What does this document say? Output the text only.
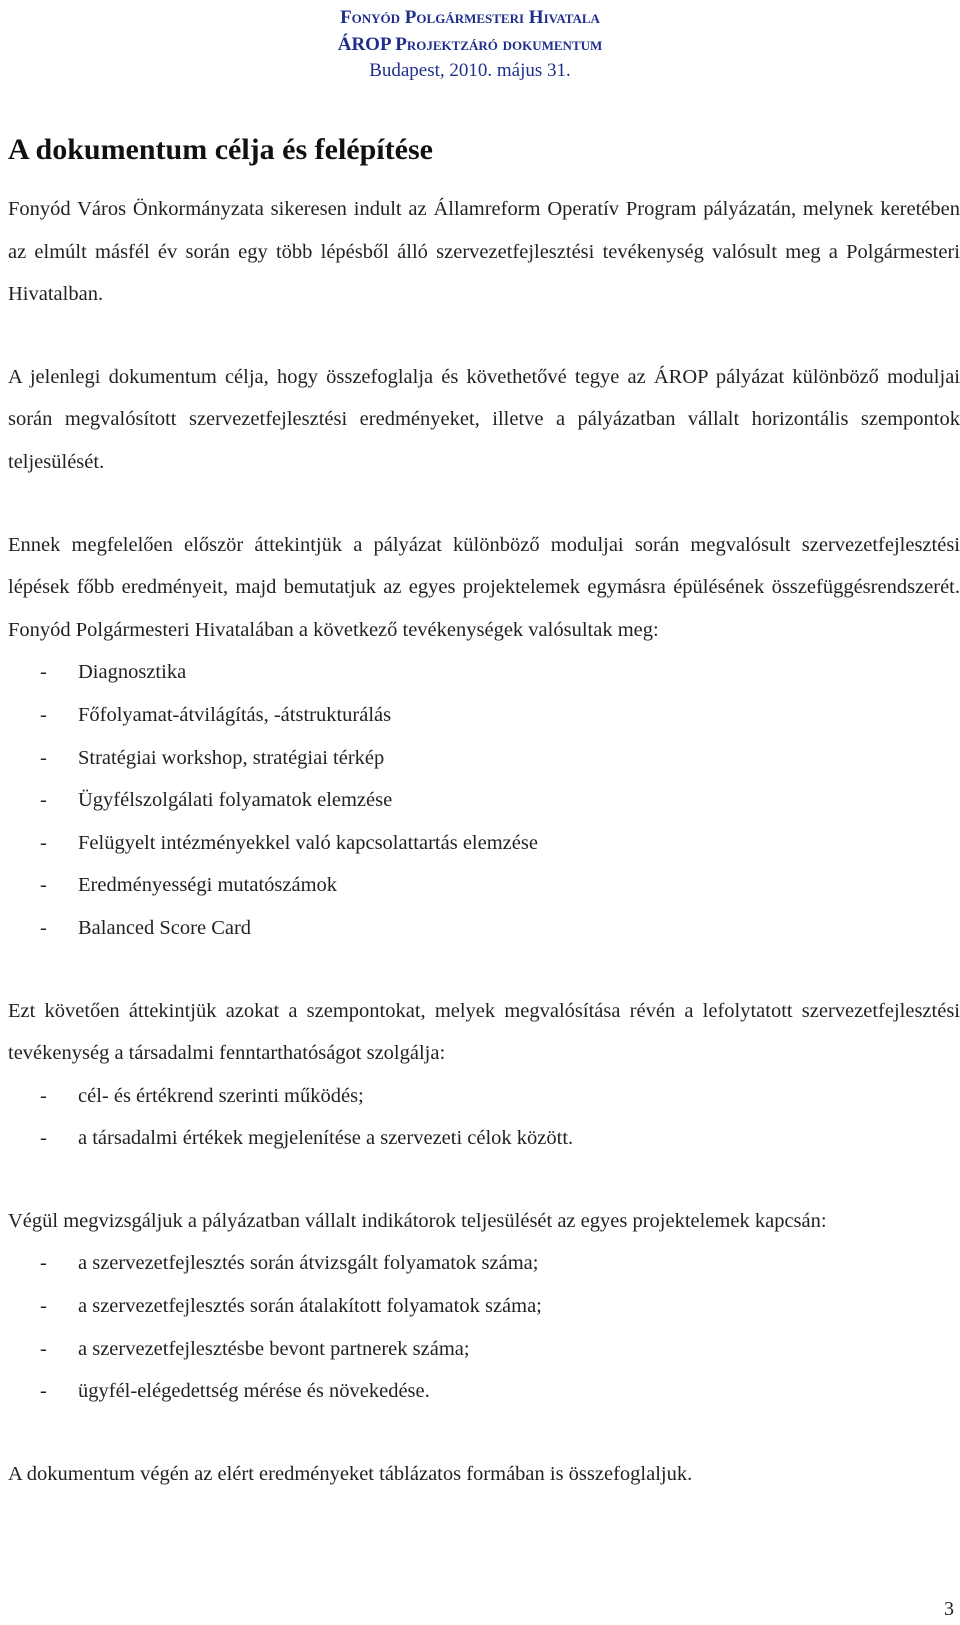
Fonyód Polgármesteri Hivatala
ÁROP Projektzáró dokumentum
Budapest, 2010. május 31.
A dokumentum célja és felépítése

Fonyód Város Önkormányzata sikeresen indult az Államreform Operatív Program pályázatán, melynek keretében az elmúlt másfél év során egy több lépésből álló szervezetfejlesztési tevékenység valósult meg a Polgármesteri Hivatalban.

A jelenlegi dokumentum célja, hogy összefoglalja és követhetővé tegye az ÁROP pályázat különböző moduljai során megvalósított szervezetfejlesztési eredményeket, illetve a pályázatban vállalt horizontális szempontok teljesülését.

Ennek megfelelően először áttekintjük a pályázat különböző moduljai során megvalósult szervezetfejlesztési lépések főbb eredményeit, majd bemutatjuk az egyes projektelemek egymásra épülésének összefüggésrendszerét. Fonyód Polgármesteri Hivatalában a következő tevékenységek valósultak meg:

- Diagnosztika
- Főfolyamat-átvilágítás, -átstrukturálás
- Stratégiai workshop, stratégiai térkép
- Ügyfélszolgálati folyamatok elemzése
- Felügyelt intézményekkel való kapcsolattartás elemzése
- Eredményességi mutatószámok
- Balanced Score Card

Ezt követően áttekintjük azokat a szempontokat, melyek megvalósítása révén a lefolytatott szervezetfejlesztési tevékenység a társadalmi fenntarthatóságot szolgálja:

- cél- és értékrend szerinti működés;
- a társadalmi értékek megjelenítése a szervezeti célok között.

Végül megvizsgáljuk a pályázatban vállalt indikátorok teljesülését az egyes projektelemek kapcsán:

- a szervezetfejlesztés során átvizsgált folyamatok száma;
- a szervezetfejlesztés során átalakított folyamatok száma;
- a szervezetfejlesztésbe bevont partnerek száma;
- ügyfél-elégedettség mérése és növekedése.

A dokumentum végén az elért eredményeket táblázatos formában is összefoglaljuk.

3
